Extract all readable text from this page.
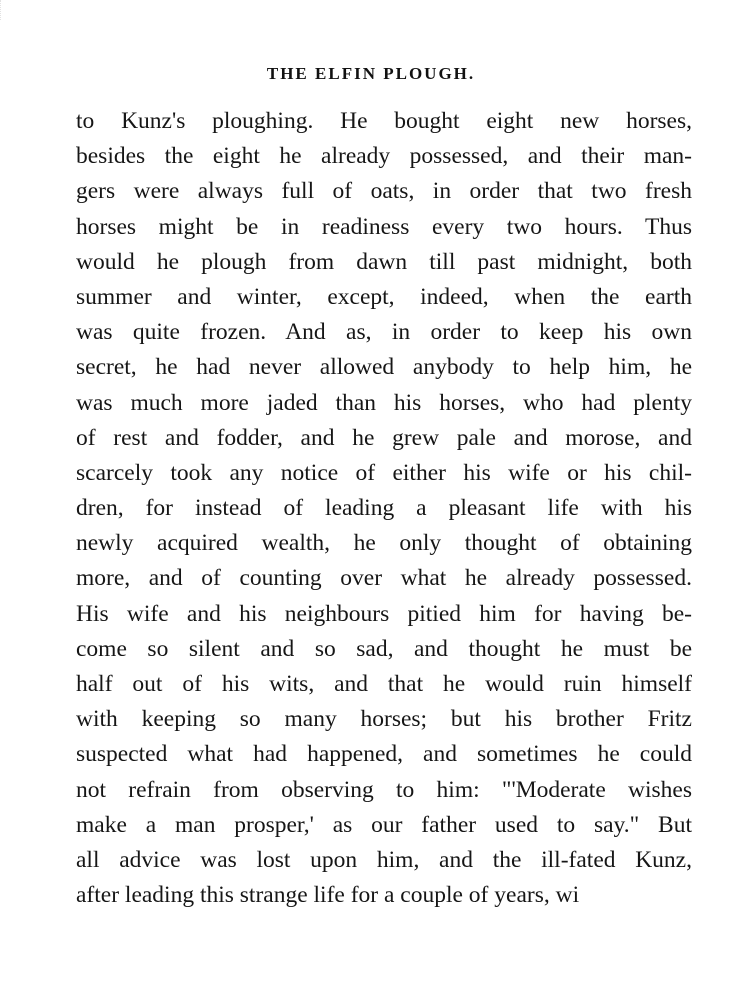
THE ELFIN PLOUGH.
to Kunz's ploughing. He bought eight new horses,
besides the eight he already possessed, and their man-
gers were always full of oats, in order that two fresh
horses might be in readiness every two hours. Thus
would he plough from dawn till past midnight, both
summer and winter, except, indeed, when the earth
was quite frozen. And as, in order to keep his own
secret, he had never allowed anybody to help him, he
was much more jaded than his horses, who had plenty
of rest and fodder, and he grew pale and morose, and
scarcely took any notice of either his wife or his chil-
dren, for instead of leading a pleasant life with his
newly acquired wealth, he only thought of obtaining
more, and of counting over what he already possessed.
His wife and his neighbours pitied him for having be-
come so silent and so sad, and thought he must be
half out of his wits, and that he would ruin himself
with keeping so many horses; but his brother Fritz
suspected what had happened, and sometimes he could
not refrain from observing to him: "'Moderate wishes
make a man prosper,' as our father used to say." But
all advice was lost upon him, and the ill-fated Kunz,
after leading this strange life for a couple of years, wi
